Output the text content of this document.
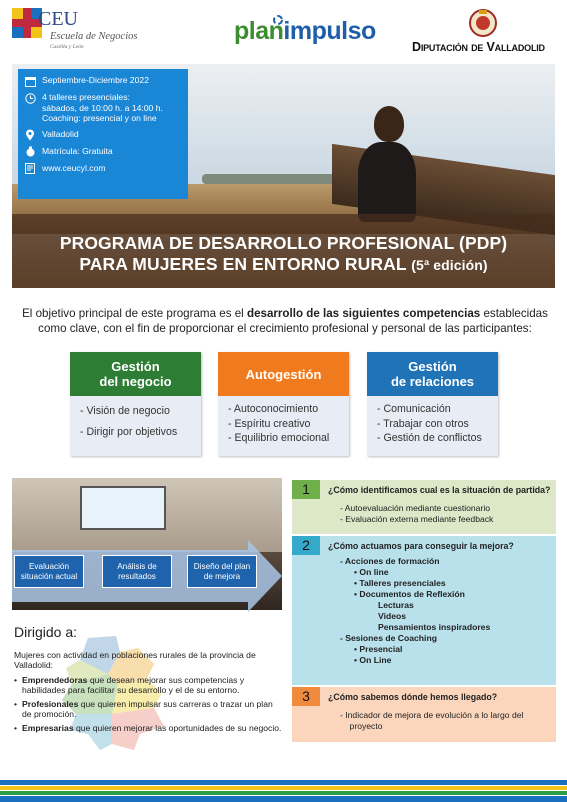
CEU
Escuela de Negocios
Castilla y León
planimpulso
Diputación de Valladolid
Septiembre-Diciembre 2022
4 talleres presenciales:
sábados, de 10:00 h. a 14:00 h.
Coaching: presencial y on line
Valladolid
Matrícula: Gratuita
www.ceucyl.com
PROGRAMA DE DESARROLLO PROFESIONAL (PDP)
PARA MUJERES EN ENTORNO RURAL (5ª edición)

El objetivo principal de este programa es el desarrollo de las siguientes competencias establecidas como clave, con el fin de proporcionar el crecimiento profesional y personal de las participantes:

Gestión
del negocio
- Visión de negocio
- Dirigir por objetivos
Autogestión
- Autoconocimiento
- Espíritu creativo
- Equilibrio emocional
Gestión
de relaciones
- Comunicación
- Trabajar con otros
- Gestión de conflictos
Evaluación
situación actual
Análisis de
resultados
Diseño del plan
de mejora
1	¿Cómo identificamos cual es la situación de partida?
- Autoevaluación mediante cuestionario
- Evaluación externa mediante feedback
2	¿Cómo actuamos para conseguir la mejora?
- Acciones de formación
• On line
• Talleres presenciales
• Documentos de Reflexión
Lecturas
Videos
Pensamientos inspiradores
- Sesiones de Coaching
• Presencial
• On Line
3	¿Cómo sabemos dónde hemos llegado?
- Indicador de mejora de evolución a lo largo del
proyecto
Dirigido a:
Mujeres con actividad en poblaciones rurales de la provincia de Valladolid:
• Emprendedoras que desean mejorar sus competencias y habilidades para facilitar su desarrollo y el de su entorno.
• Profesionales que quieren impulsar sus carreras o trazar un plan de promoción.
• Empresarias que quieren mejorar las oportunidades de su negocio.
